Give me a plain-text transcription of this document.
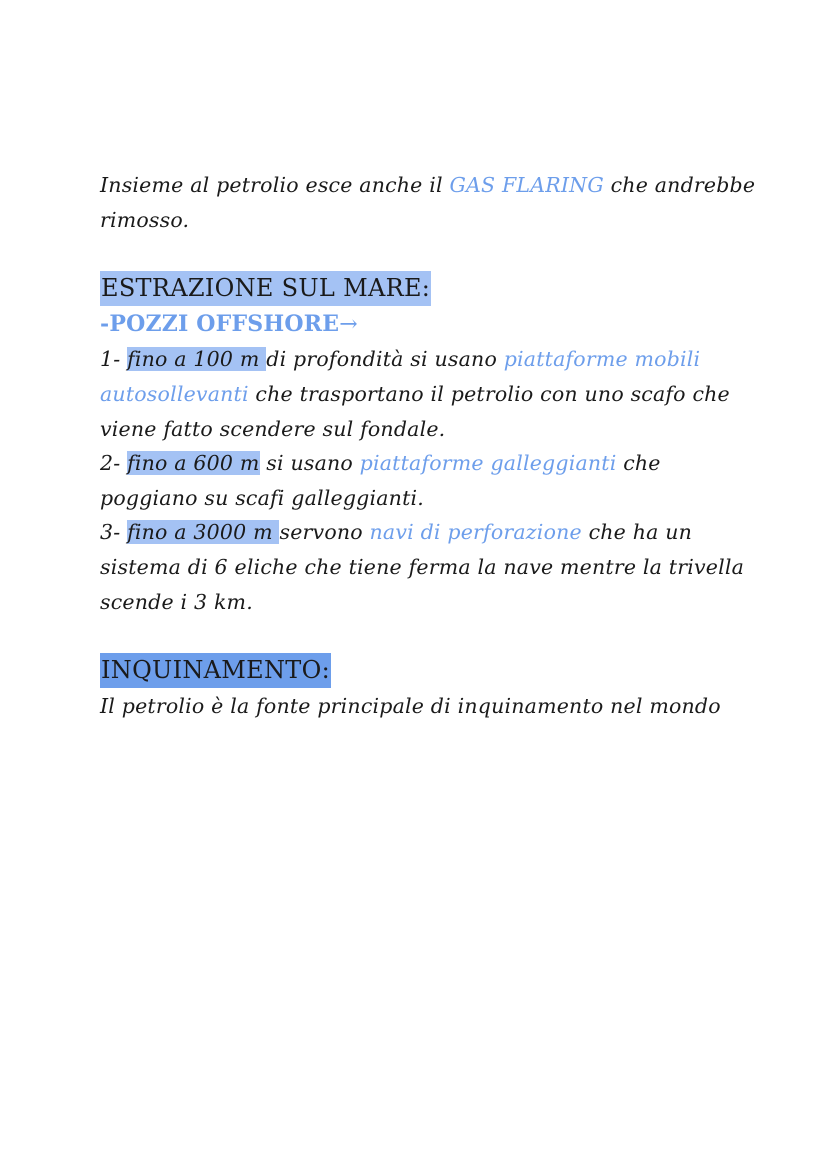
Insieme al petrolio esce anche il GAS FLARING che andrebbe
rimosso.
ESTRAZIONE SUL MARE:
-POZZI OFFSHORE→
1- fino a 100 m di profondità si usano piattaforme mobili
autosollevanti che trasportano il petrolio con uno scafo che
viene fatto scendere sul fondale.
2- fino a 600 m si usano piattaforme galleggianti che
poggiano su scafi galleggianti.
3- fino a 3000 m servono navi di perforazione che ha un
sistema di 6 eliche che tiene ferma la nave mentre la trivella
scende i 3 km.
INQUINAMENTO:
Il petrolio è la fonte principale di inquinamento nel mondo
